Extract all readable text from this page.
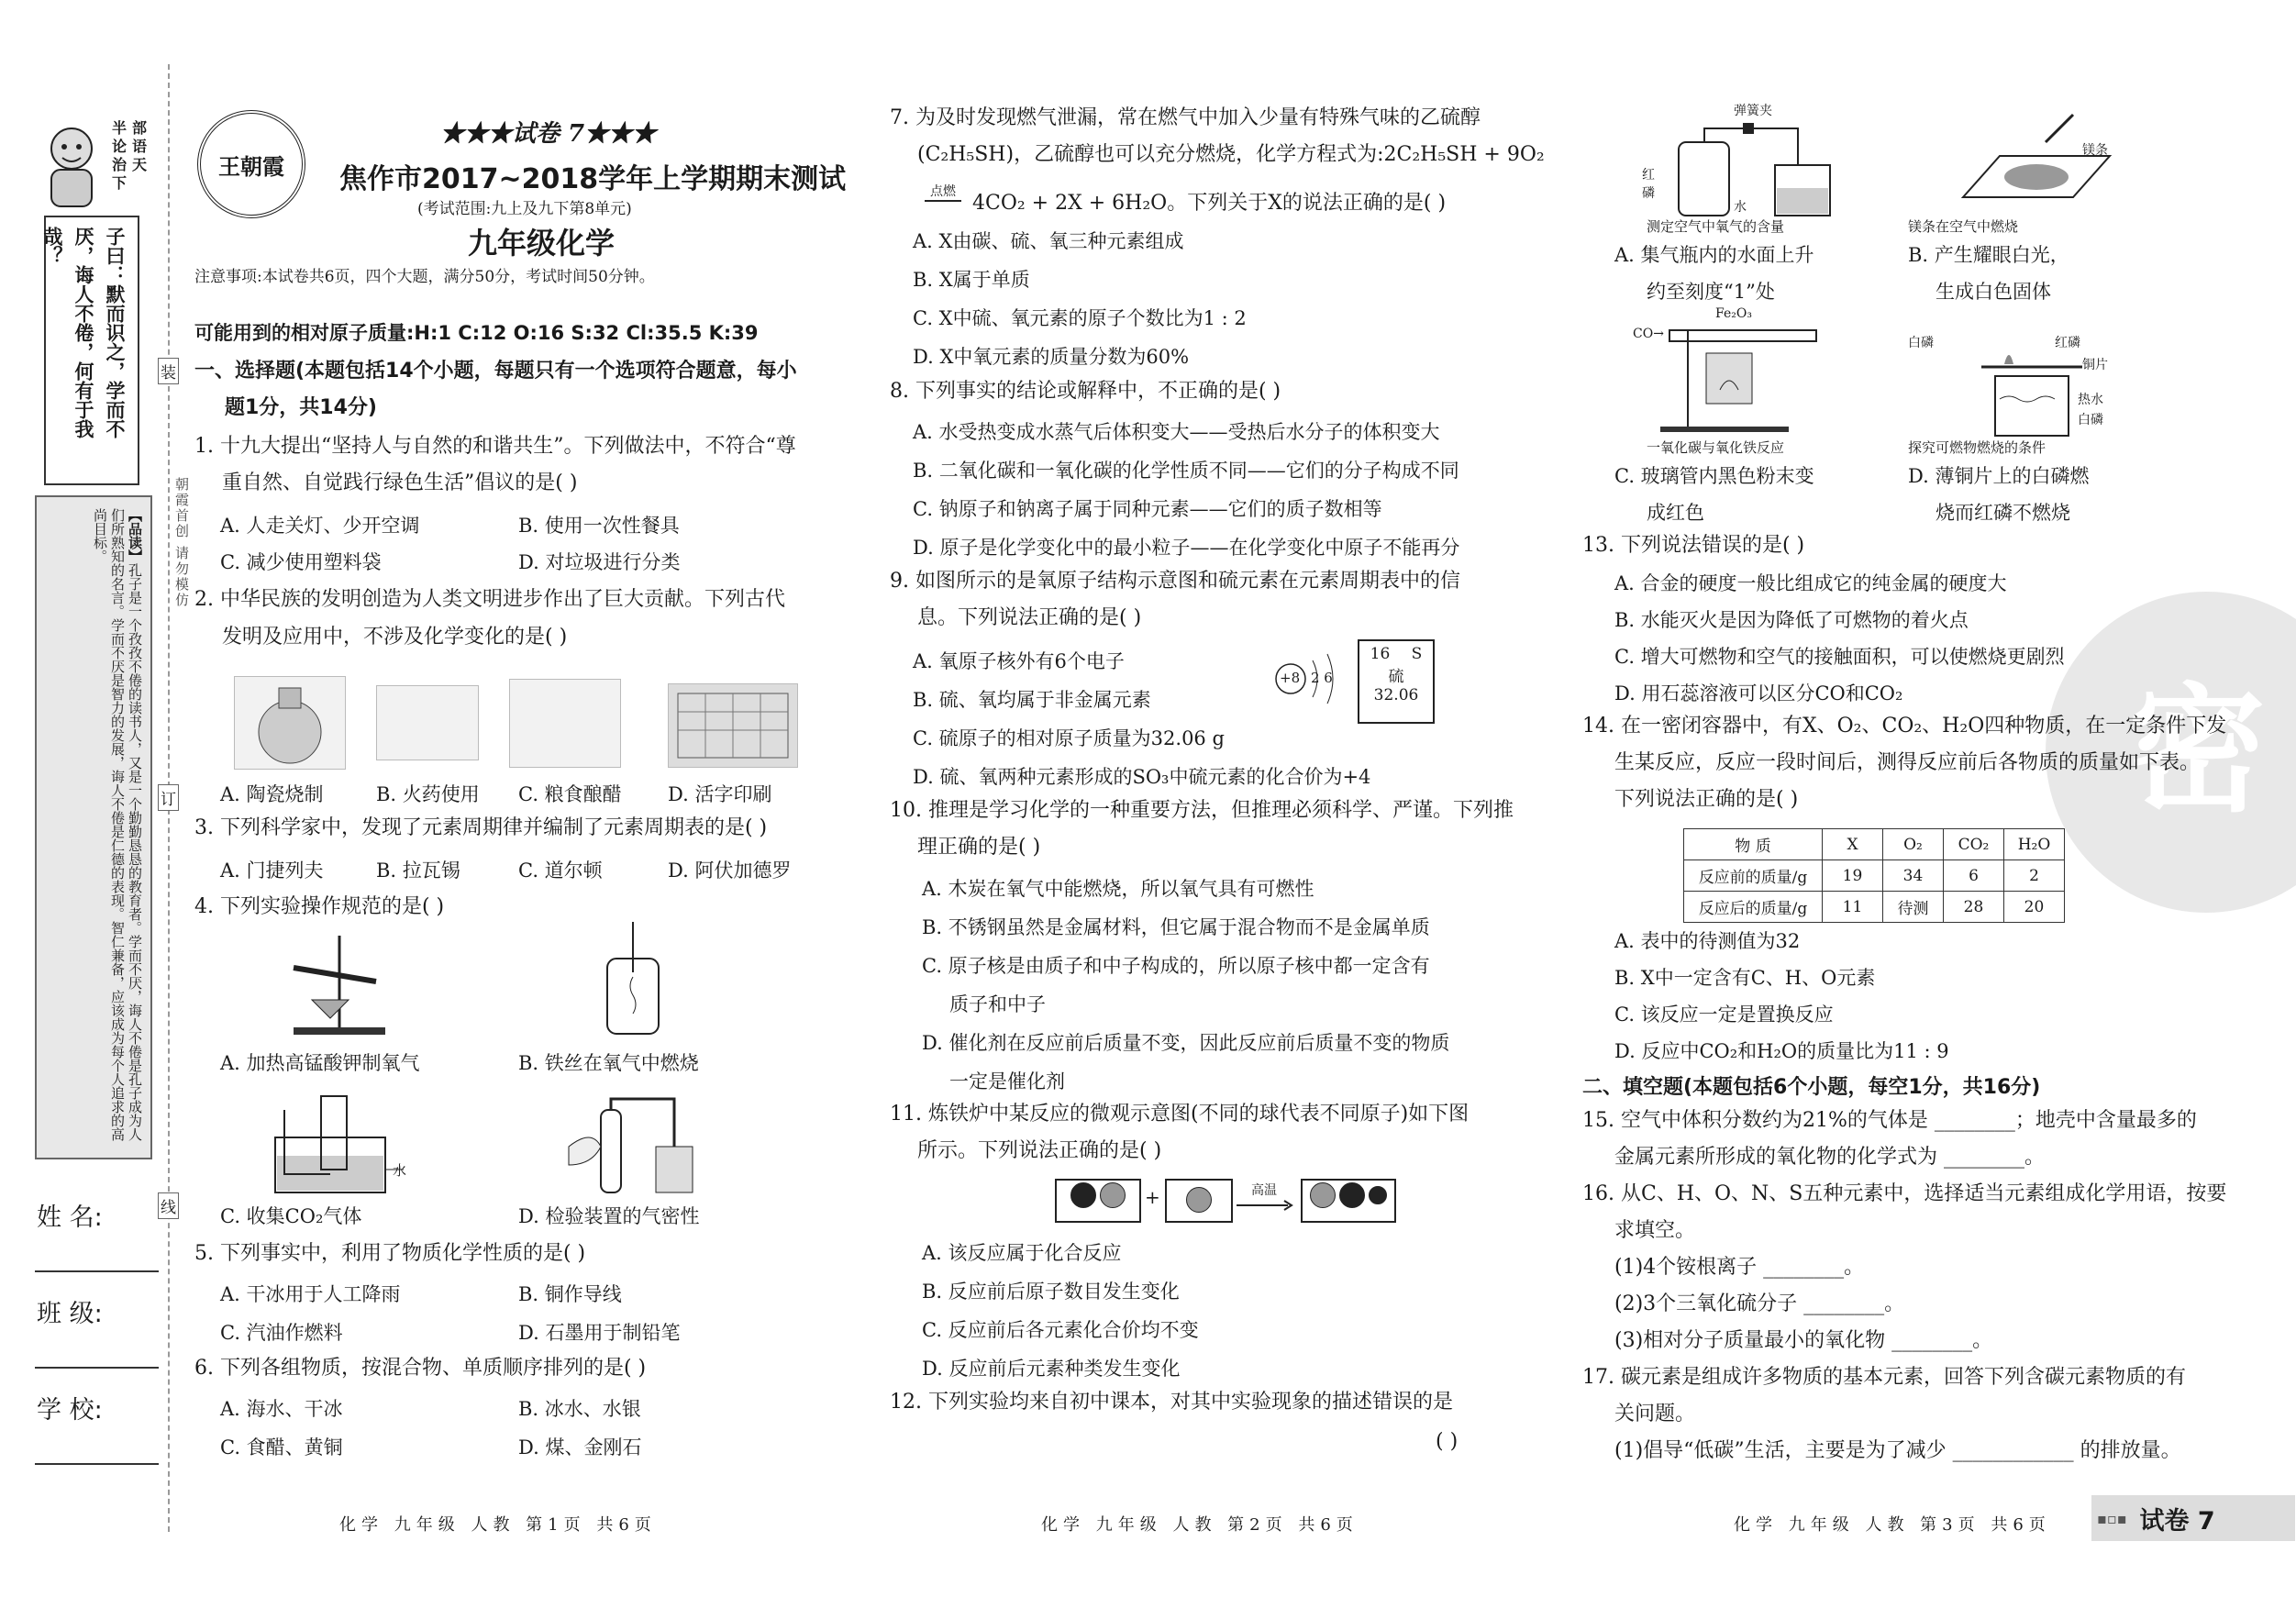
半 部
论 语
治 天
下
子曰：默而识之，学而不厌，诲人不倦，何有于我哉？
【品读】孔子是一个孜孜不倦的读书人，又是一个勤勤恳恳的教育者。学而不厌，诲人不倦是孔子成为人们所熟知的名言。学而不厌是智力的发展，诲人不倦是仁德的表现。智仁兼备，应该成为每个人追求的高尚目标。	朝霞首创 请勿模仿
装
订
线
姓 名:
班 级:
学 校:
王朝霞
★★★试卷 7★★★
焦作市2017~2018学年上学期期末测试
(考试范围:九上及九下第8单元)
九年级化学
注意事项:本试卷共6页，四个大题，满分50分，考试时间50分钟。
可能用到的相对原子质量:H:1 C:12 O:16 S:32 Cl:35.5 K:39
一、选择题(本题包括14个小题，每题只有一个选项符合题意，每小
题1分，共14分)
1. 十九大提出“坚持人与自然的和谐共生”。下列做法中，不符合“尊
重自然、自觉践行绿色生活”倡议的是( )
A. 人走关灯、少开空调	B. 使用一次性餐具
C. 减少使用塑料袋	D. 对垃圾进行分类
2. 中华民族的发明创造为人类文明进步作出了巨大贡献。下列古代
发明及应用中，不涉及化学变化的是( )
A. 陶瓷烧制	B. 火药使用 C. 粮食酿醋 D. 活字印刷
3. 下列科学家中，发现了元素周期律并编制了元素周期表的是( )
A. 门捷列夫	B. 拉瓦锡	C. 道尔顿	D. 阿伏加德罗
4. 下列实验操作规范的是( )
A. 加热高锰酸钾制氧气	B. 铁丝在氧气中燃烧
水
C. 收集CO₂气体	D. 检验装置的气密性
5. 下列事实中，利用了物质化学性质的是( )
A. 干冰用于人工降雨	B. 铜作导线
C. 汽油作燃料	D. 石墨用于制铅笔
6. 下列各组物质，按混合物、单质顺序排列的是( )
A. 海水、干冰	B. 冰水、水银
C. 食醋、黄铜	D. 煤、金刚石
化学 九年级 人教 第1页 共6页
7. 为及时发现燃气泄漏，常在燃气中加入少量有特殊气味的乙硫醇
(C₂H₅SH)，乙硫醇也可以充分燃烧，化学方程式为:2C₂H₅SH + 9O₂
点燃 4CO₂ + 2X + 6H₂O。下列关于X的说法正确的是( )
A. X由碳、硫、氧三种元素组成
B. X属于单质
C. X中硫、氧元素的原子个数比为1 : 2
D. X中氧元素的质量分数为60%
8. 下列事实的结论或解释中，不正确的是( )
A. 水受热变成水蒸气后体积变大——受热后水分子的体积变大
B. 二氧化碳和一氧化碳的化学性质不同——它们的分子构成不同
C. 钠原子和钠离子属于同种元素——它们的质子数相等
D. 原子是化学变化中的最小粒子——在化学变化中原子不能再分
9. 如图所示的是氧原子结构示意图和硫元素在元素周期表中的信
息。下列说法正确的是( )
A. 氧原子核外有6个电子
B. 硫、氧均属于非金属元素
C. 硫原子的相对原子质量为32.06 g
D. 硫、氧两种元素形成的SO₃中硫元素的化合价为+4
+8 2 6
16 S
硫
32.06
10. 推理是学习化学的一种重要方法，但推理必须科学、严谨。下列推
理正确的是( )
A. 木炭在氧气中能燃烧，所以氧气具有可燃性
B. 不锈钢虽然是金属材料，但它属于混合物而不是金属单质
C. 原子核是由质子和中子构成的，所以原子核中都一定含有
质子和中子
D. 催化剂在反应前后质量不变，因此反应前后质量不变的物质
一定是催化剂
11. 炼铁炉中某反应的微观示意图(不同的球代表不同原子)如下图
所示。下列说法正确的是( )
+	高温
A. 该反应属于化合反应
B. 反应前后原子数目发生变化
C. 反应前后各元素化合价均不变
D. 反应前后元素种类发生变化
12. 下列实验均来自初中课本，对其中实验现象的描述错误的是
( )
化学 九年级 人教 第2页 共6页
弹簧夹
红磷
水
测定空气中氧气的含量
A. 集气瓶内的水面上升
约至刻度“1”处
镁条
镁条在空气中燃烧
B. 产生耀眼白光，
生成白色固体
CO→
Fe₂O₃
一氧化碳与氧化铁反应
C. 玻璃管内黑色粉末变
成红色
白磷	红磷
铜片
热水
白磷
探究可燃物燃烧的条件
D. 薄铜片上的白磷燃
烧而红磷不燃烧
密
13. 下列说法错误的是( )
A. 合金的硬度一般比组成它的纯金属的硬度大
B. 水能灭火是因为降低了可燃物的着火点
C. 增大可燃物和空气的接触面积，可以使燃烧更剧烈
D. 用石蕊溶液可以区分CO和CO₂
14. 在一密闭容器中，有X、O₂、CO₂、H₂O四种物质，在一定条件下发
生某反应，反应一段时间后，测得反应前后各物质的质量如下表。
下列说法正确的是( )
物 质	X	O₂	CO₂	H₂O
反应前的质量/g	19	34	6	2
反应后的质量/g	11	待测	28	20
A. 表中的待测值为32
B. X中一定含有C、H、O元素
C. 该反应一定是置换反应
D. 反应中CO₂和H₂O的质量比为11 : 9
二、填空题(本题包括6个小题，每空1分，共16分)
15. 空气中体积分数约为21%的气体是 ________；地壳中含量最多的
金属元素所形成的氧化物的化学式为 ________。
16. 从C、H、O、N、S五种元素中，选择适当元素组成化学用语，按要
求填空。
(1)4个铵根离子 ________。
(2)3个三氧化硫分子 ________。
(3)相对分子质量最小的氧化物 ________。
17. 碳元素是组成许多物质的基本元素，回答下列含碳元素物质的有
关问题。
(1)倡导“低碳”生活，主要是为了减少 ____________ 的排放量。
化学 九年级 人教 第3页 共6页	▪▫▪ 试卷 7
